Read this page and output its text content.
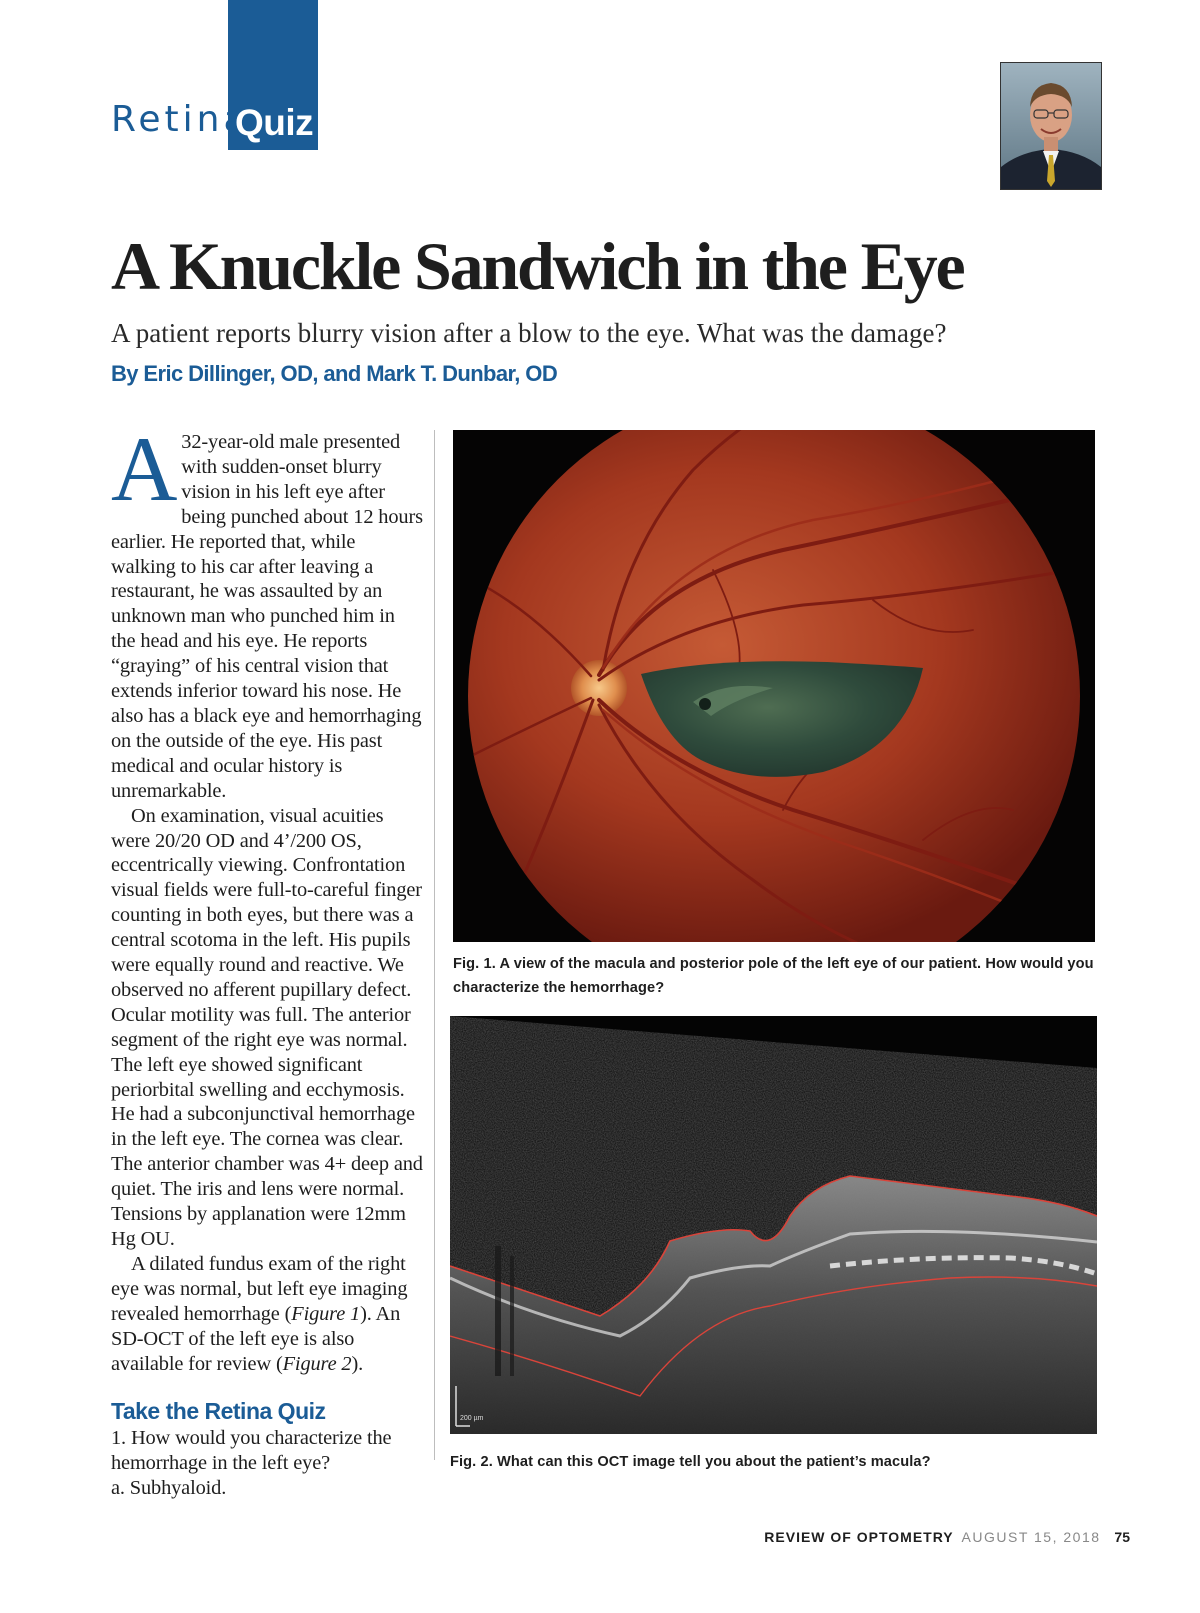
Retina
Quiz
A Knuckle Sandwich in the Eye
A patient reports blurry vision after a blow to the eye. What was the damage?
By Eric Dillinger, OD, and Mark T. Dunbar, OD

A 32-year-old male presented with sudden-onset blurry vision in his left eye after being punched about 12 hours earlier. He reported that, while walking to his car after leaving a restaurant, he was assaulted by an unknown man who punched him in the head and his eye. He reports “graying” of his central vision that extends inferior toward his nose. He also has a black eye and hemorrhaging on the outside of the eye. His past medical and ocular history is unremarkable.

On examination, visual acuities were 20/20 OD and 4’/200 OS, eccentrically viewing. Confrontation visual fields were full-to-careful finger counting in both eyes, but there was a central scotoma in the left. His pupils were equally round and reactive. We observed no afferent pupillary defect. Ocular motility was full. The anterior segment of the right eye was normal. The left eye showed significant periorbital swelling and ecchymosis. He had a subconjunctival hemorrhage in the left eye. The cornea was clear. The anterior chamber was 4+ deep and quiet. The iris and lens were normal. Tensions by applanation were 12mm Hg OU.

A dilated fundus exam of the right eye was normal, but left eye imaging revealed hemorrhage (Figure 1). An SD-OCT of the left eye is also available for review (Figure 2).

Take the Retina Quiz
1. How would you characterize the hemorrhage in the left eye?
a. Subhyaloid.
Fig. 1. A view of the macula and posterior pole of the left eye of our patient. How would you characterize the hemorrhage?
200 µm
Fig. 2. What can this OCT image tell you about the patient’s macula?
REVIEW OF OPTOMETRY AUGUST 15, 2018 75
